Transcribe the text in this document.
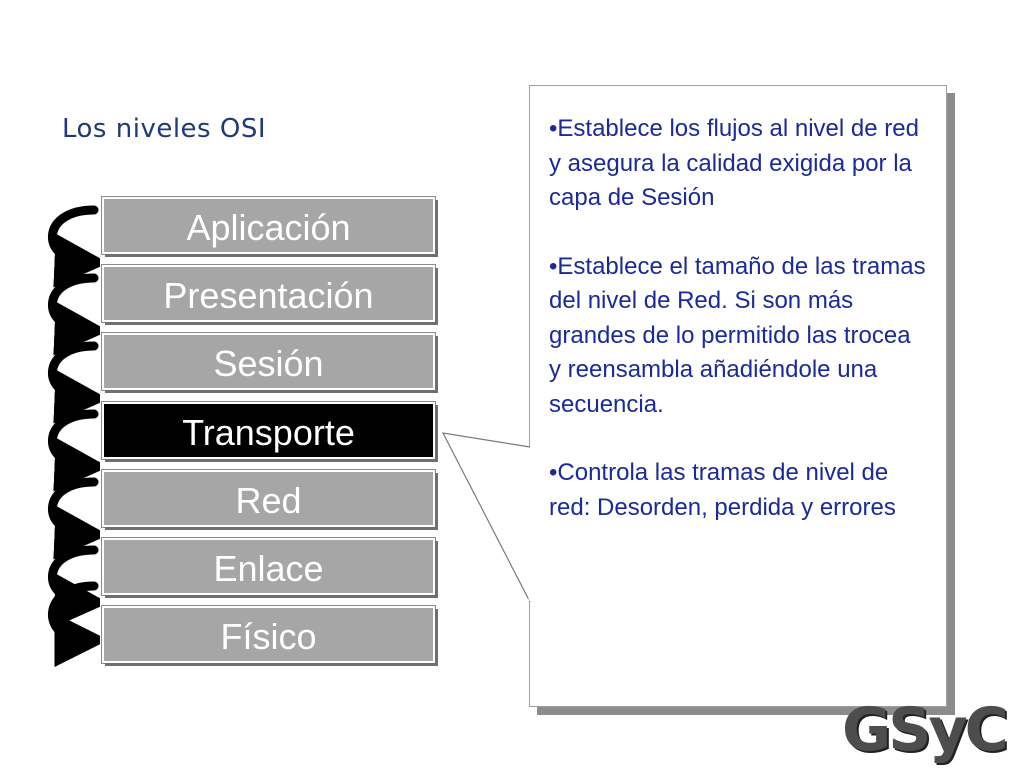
Los niveles OSI
Aplicación
Presentación
Sesión
Transporte
Red
Enlace
Físico

•Establece los flujos al nivel de red y asegura la calidad exigida por la capa de Sesión

•Establece el tamaño de las tramas del nivel de Red. Si son más grandes de lo permitido las trocea y reensambla añadiéndole una secuencia.

•Controla las tramas de nivel de red: Desorden, perdida y errores

GSyC
